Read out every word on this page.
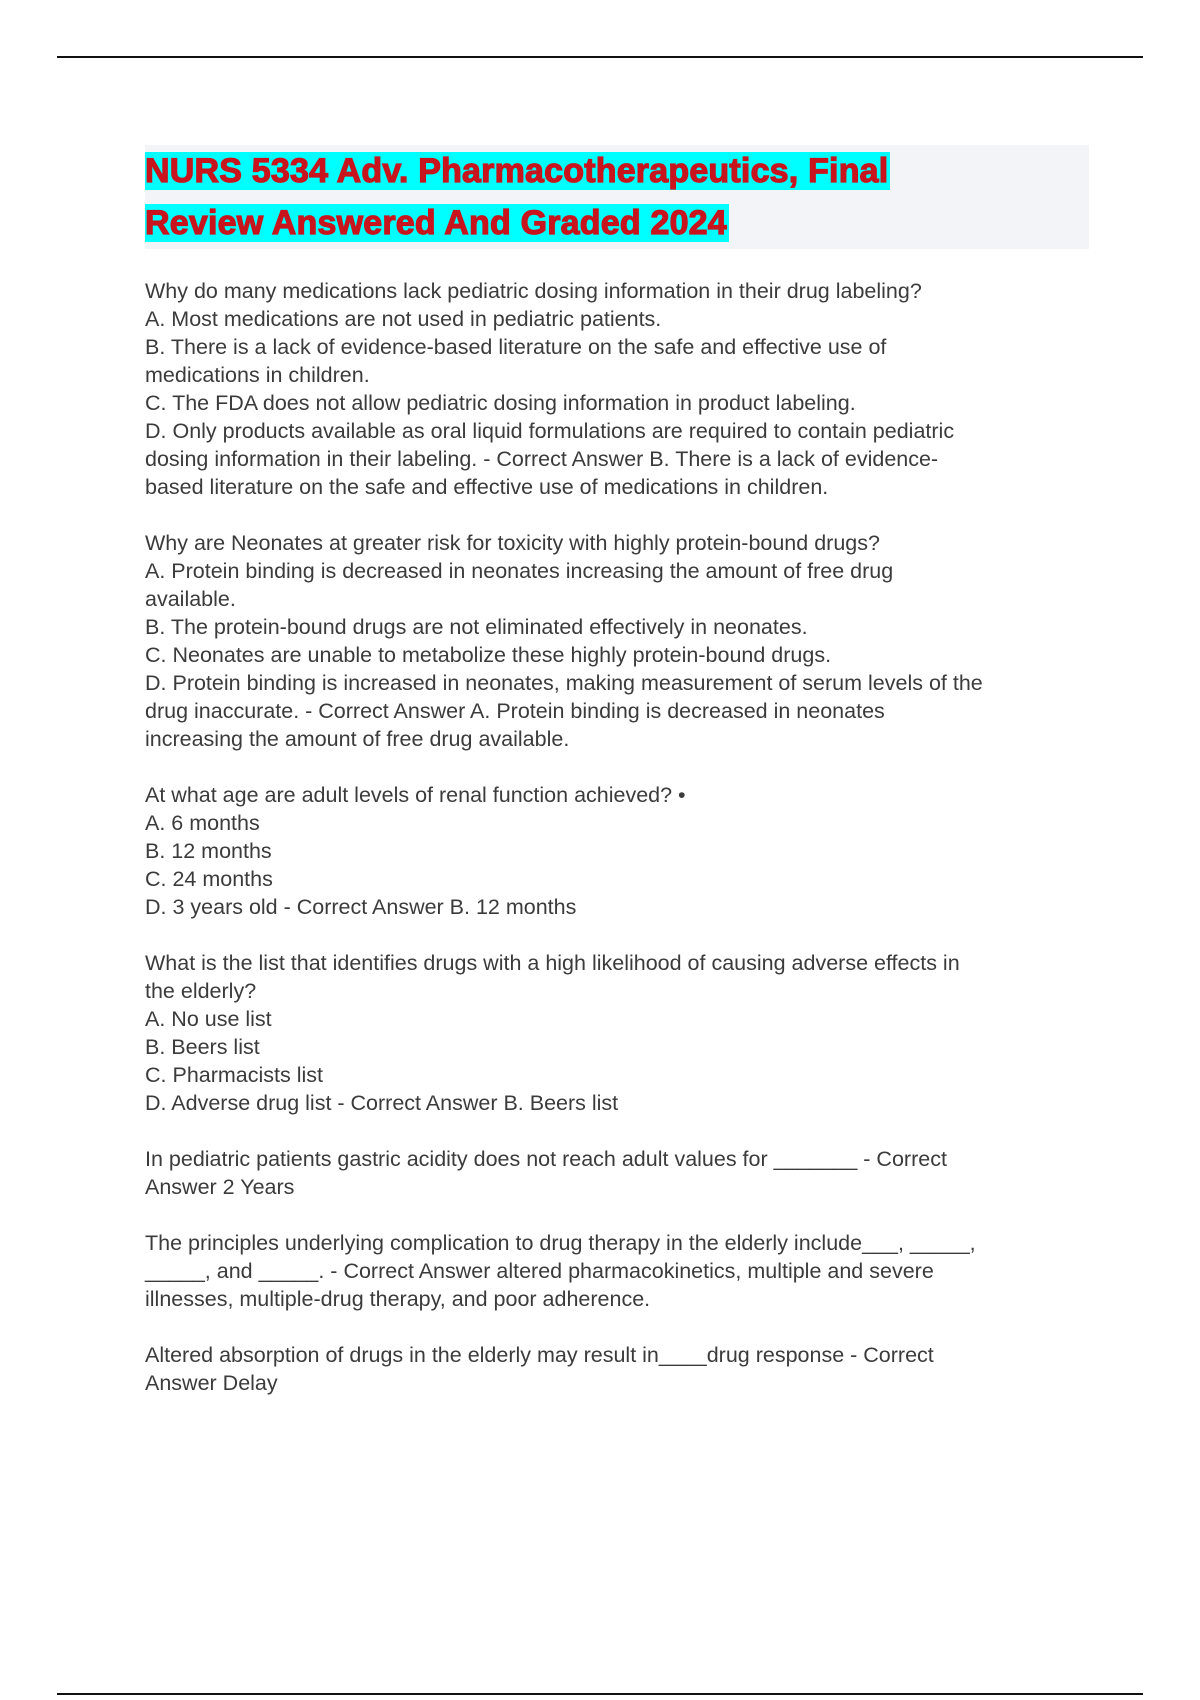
NURS 5334 Adv. Pharmacotherapeutics, Final
Review Answered And Graded 2024
Why do many medications lack pediatric dosing information in their drug labeling?
A. Most medications are not used in pediatric patients.
B. There is a lack of evidence-based literature on the safe and effective use of
medications in children.
C. The FDA does not allow pediatric dosing information in product labeling.
D. Only products available as oral liquid formulations are required to contain pediatric
dosing information in their labeling. - Correct Answer B. There is a lack of evidence-
based literature on the safe and effective use of medications in children.
Why are Neonates at greater risk for toxicity with highly protein-bound drugs?
A. Protein binding is decreased in neonates increasing the amount of free drug
available.
B. The protein-bound drugs are not eliminated effectively in neonates.
C. Neonates are unable to metabolize these highly protein-bound drugs.
D. Protein binding is increased in neonates, making measurement of serum levels of the
drug inaccurate. - Correct Answer A. Protein binding is decreased in neonates
increasing the amount of free drug available.
At what age are adult levels of renal function achieved? •
A. 6 months
B. 12 months
C. 24 months
D. 3 years old - Correct Answer B. 12 months
What is the list that identifies drugs with a high likelihood of causing adverse effects in
the elderly?
A. No use list
B. Beers list
C. Pharmacists list
D. Adverse drug list - Correct Answer B. Beers list
In pediatric patients gastric acidity does not reach adult values for _______ - Correct
Answer 2 Years
The principles underlying complication to drug therapy in the elderly include___, _____,
_____, and _____. - Correct Answer altered pharmacokinetics, multiple and severe
illnesses, multiple-drug therapy, and poor adherence.
Altered absorption of drugs in the elderly may result in____drug response - Correct
Answer Delay
